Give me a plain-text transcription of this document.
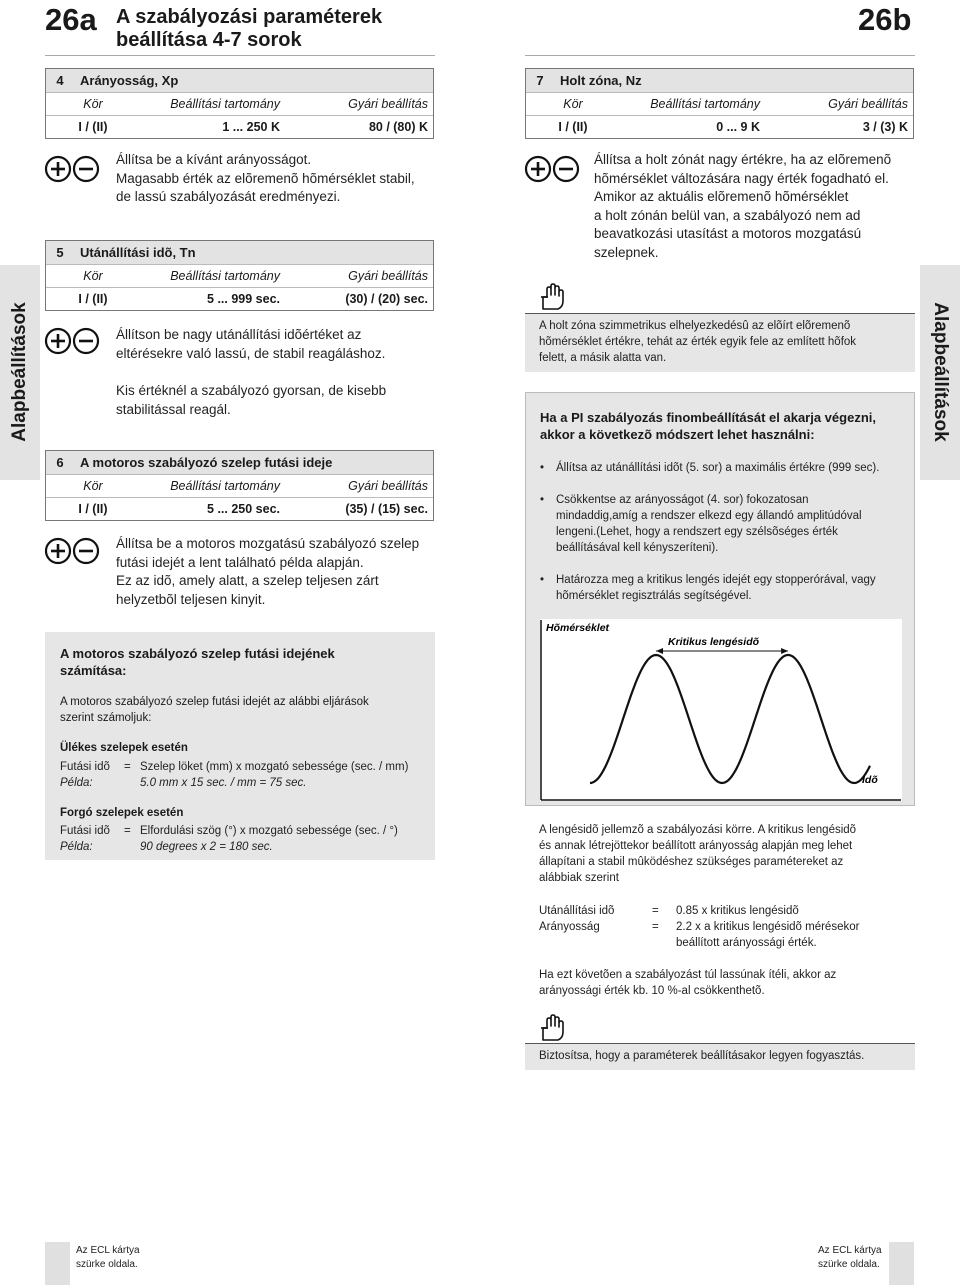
26a A szabályozási paraméterek
beállítása 4-7 sorok
26b
Alapbeállítások	Alapbeállítások
4	Arányosság, Xp
Kör	Beállítási tartomány	Gyári beállítás
I / (II)	1 ... 250 K	80 / (80) K
Állítsa be a kívánt arányosságot.
Magasabb érték az elõremenõ hõmérséklet stabil,
de lassú szabályozását eredményezi.
5	Utánállítási idõ, Tn
Kör	Beállítási tartomány	Gyári beállítás
I / (II)	5 ... 999 sec.	(30) / (20) sec.
Állítson be nagy utánállítási idõértéket az
eltérésekre való lassú, de stabil reagáláshoz.
Kis értéknél a szabályozó gyorsan, de kisebb
stabilitással reagál.
6	A motoros szabályozó szelep futási ideje
Kör	Beállítási tartomány	Gyári beállítás
I / (II)	5 ... 250 sec.	(35) / (15) sec.
Állítsa be a motoros mozgatású szabályozó szelep
futási idejét a lent található példa alapján.
Ez az idõ, amely alatt, a szelep teljesen zárt
helyzetbõl teljesen kinyit.
A motoros szabályozó szelep futási idejének
számítása:
A motoros szabályozó szelep futási idejét az alábbi eljárások
szerint számoljuk:
Ülékes szelepek esetén
Futási idõ = Szelep löket (mm) x mozgató sebessége (sec. / mm)
Példa:	5.0 mm x 15 sec. / mm = 75 sec.
Forgó szelepek esetén
Futási idõ = Elfordulási szög (°) x mozgató sebessége (sec. / °)
Példa:	90 degrees x 2 = 180 sec.
7	Holt zóna, Nz
Kör	Beállítási tartomány	Gyári beállítás
I / (II)	0 ... 9 K	3 / (3) K
Állítsa a holt zónát nagy értékre, ha az elõremenõ
hõmérséklet változására nagy érték fogadható el.
Amikor az aktuális elõremenõ hõmérséklet
a holt zónán belül van, a szabályozó nem ad
beavatkozási utasítást a motoros mozgatású
szelepnek.
A holt zóna szimmetrikus elhelyezkedésû az elõírt elõremenõ
hõmérséklet értékre, tehát az érték egyik fele az említett hõfok
felett, a másik alatta van.
Ha a PI szabályozás finombeállítását el akarja végezni,
akkor a következõ módszert lehet használni:
• Állítsa az utánállítási idõt (5. sor) a maximális értékre (999 sec).
• Csökkentse az arányosságot (4. sor) fokozatosan
mindaddig,amíg a rendszer elkezd egy állandó amplitúdóval
lengeni.(Lehet, hogy a rendszert egy szélsõséges érték
beállításával kell kényszeríteni).
• Határozza meg a kritikus lengés idejét egy stopperórával, vagy
hõmérséklet regisztrálás segítségével.
Hõmérséklet
Idõ
Kritikus lengésidõ
A lengésidõ jellemzõ a szabályozási körre. A kritikus lengésidõ
és annak létrejöttekor beállított arányosság alapján meg lehet
állapítani a stabil mûködéshez szükséges paramétereket az
alábbiak szerint
Utánállítási idõ	= 0.85 x kritikus lengésidõ
Arányosság	= 2.2 x a kritikus lengésidõ mérésekor
beállított arányossági érték.
Ha ezt követõen a szabályozást túl lassúnak ítéli, akkor az
arányossági érték kb. 10 %-al csökkenthetõ.
Biztosítsa, hogy a paraméterek beállításakor legyen fogyasztás.
Az ECL kártya
szürke oldala.
Az ECL kártya
szürke oldala.
